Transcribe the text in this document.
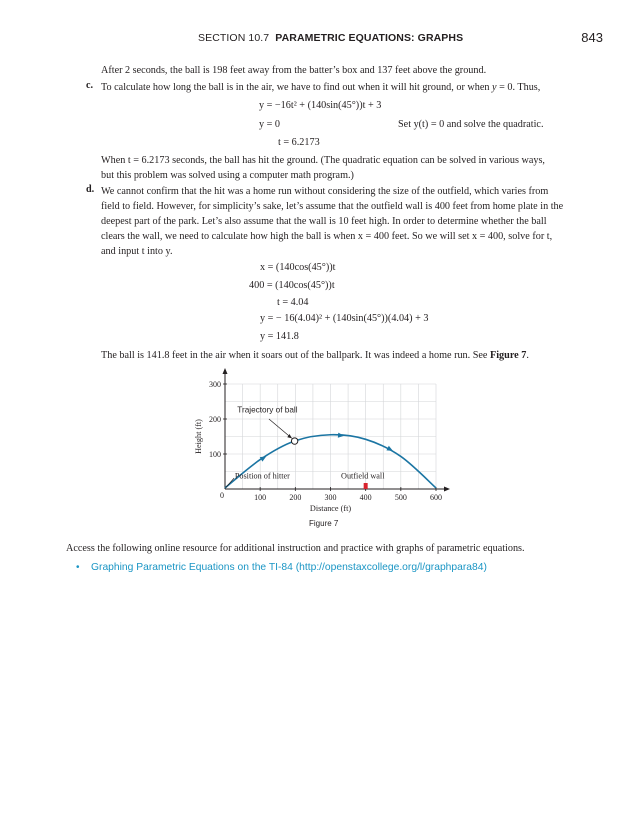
SECTION 10.7 PARAMETRIC EQUATIONS: GRAPHS	843
After 2 seconds, the ball is 198 feet away from the batter’s box and 137 feet above the ground.
c. To calculate how long the ball is in the air, we have to find out when it will hit ground, or when y = 0. Thus,
y = −16t² + (140sin(45°))t + 3
y = 0	Set y(t) = 0 and solve the quadratic.
t = 6.2173
When t = 6.2173 seconds, the ball has hit the ground. (The quadratic equation can be solved in various ways,
but this problem was solved using a computer math program.)
d. We cannot confirm that the hit was a home run without considering the size of the outfield, which varies from
field to field. However, for simplicity’s sake, let’s assume that the outfield wall is 400 feet from home plate in the
deepest part of the park. Let’s also assume that the wall is 10 feet high. In order to determine whether the ball
clears the wall, we need to calculate how high the ball is when x = 400 feet. So we will set x = 400, solve for t,
and input t into y.
x = (140cos(45°))t
400 = (140cos(45°))t
t = 4.04
y = − 16(4.04)² + (140sin(45°))(4.04) + 3
y = 141.8
The ball is 141.8 feet in the air when it soars out of the ballpark. It was indeed a home run. See Figure 7.
100	200	300	400	500	600
100
200
300
Trajectory of ball
Position of hitter	Outfield wall
Distance (ft)
Height (ft)
0
Figure 7
Access the following online resource for additional instruction and practice with graphs of parametric equations.
• Graphing Parametric Equations on the TI-84 (http://openstaxcollege.org/l/graphpara84)
